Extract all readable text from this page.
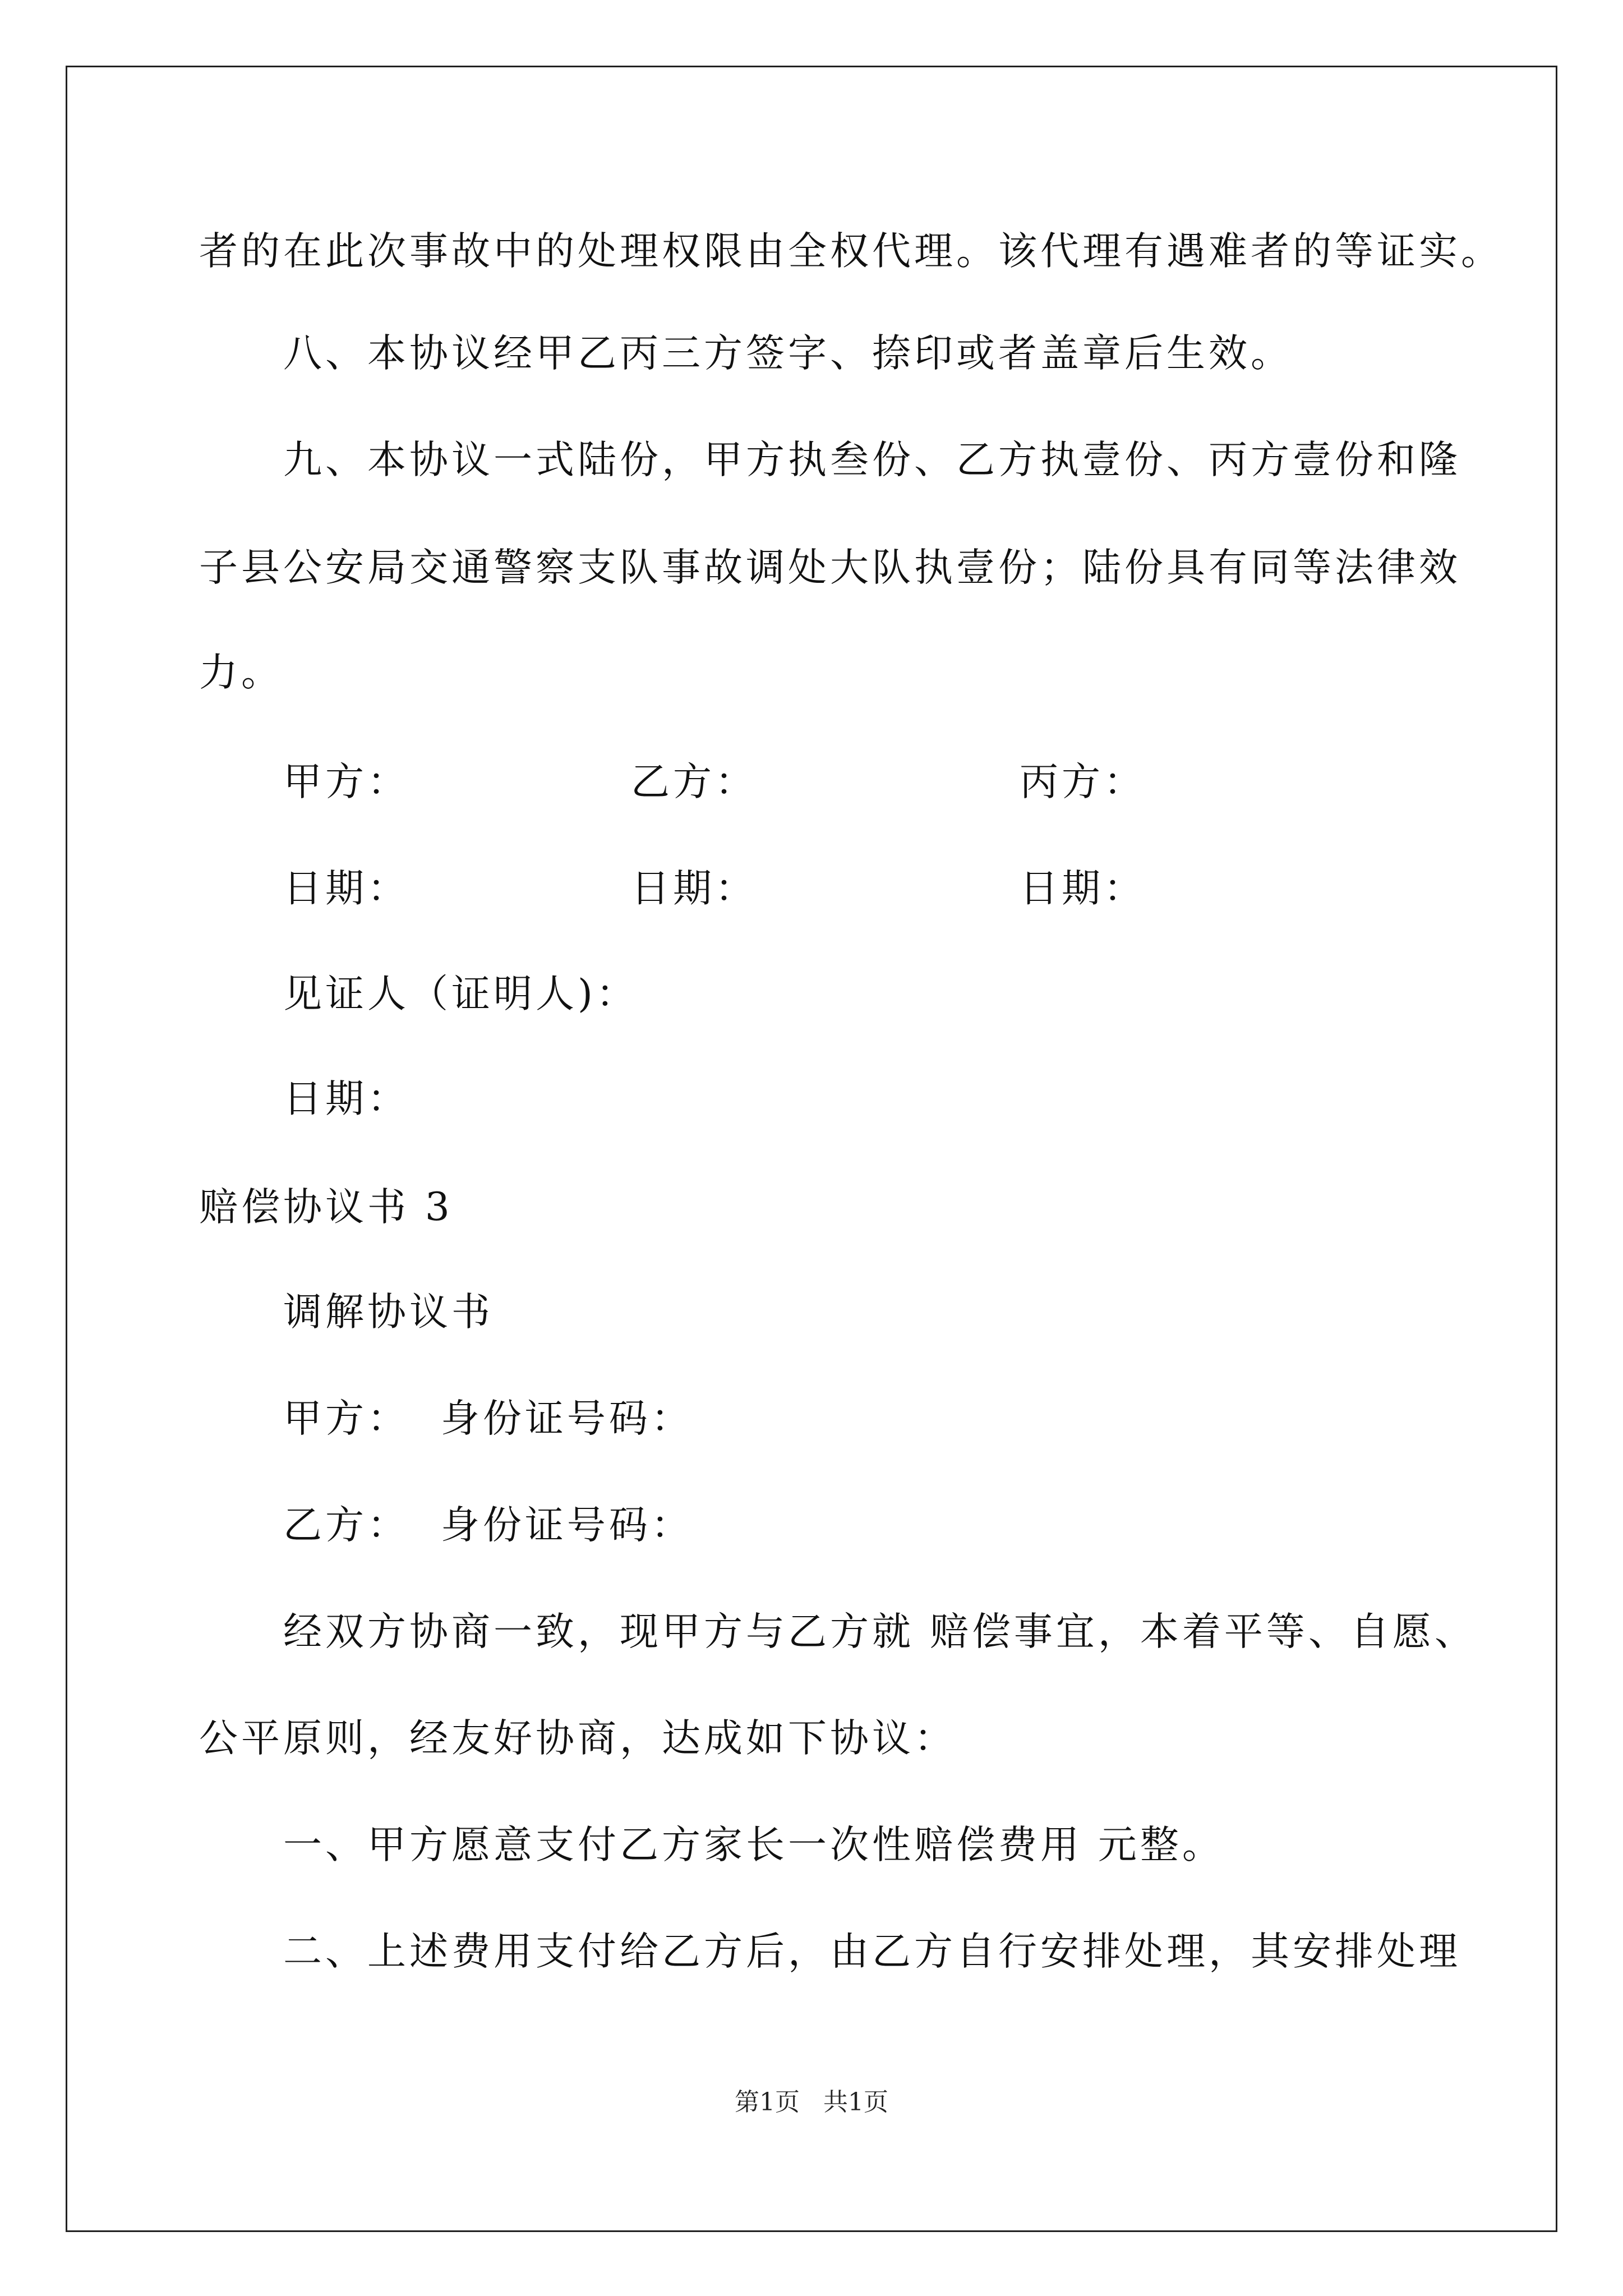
者的在此次事故中的处理权限由全权代理。该代理有遇难者的等证实。
八、本协议经甲乙丙三方签字、捺印或者盖章后生效。
九、本协议一式陆份，甲方执叁份、乙方执壹份、丙方壹份和隆
子县公安局交通警察支队事故调处大队执壹份；陆份具有同等法律效
力。
甲方：	乙方：	丙方：
日期：	日期：	日期：
见证人（证明人)：
日期：
赔偿协议书 3
调解协议书
甲方：  身份证号码：
乙方：  身份证号码：
经双方协商一致，现甲方与乙方就 赔偿事宜，本着平等、自愿、
公平原则，经友好协商，达成如下协议：
一、甲方愿意支付乙方家长一次性赔偿费用 元整。
二、上述费用支付给乙方后，由乙方自行安排处理，其安排处理
第1页   共1页
